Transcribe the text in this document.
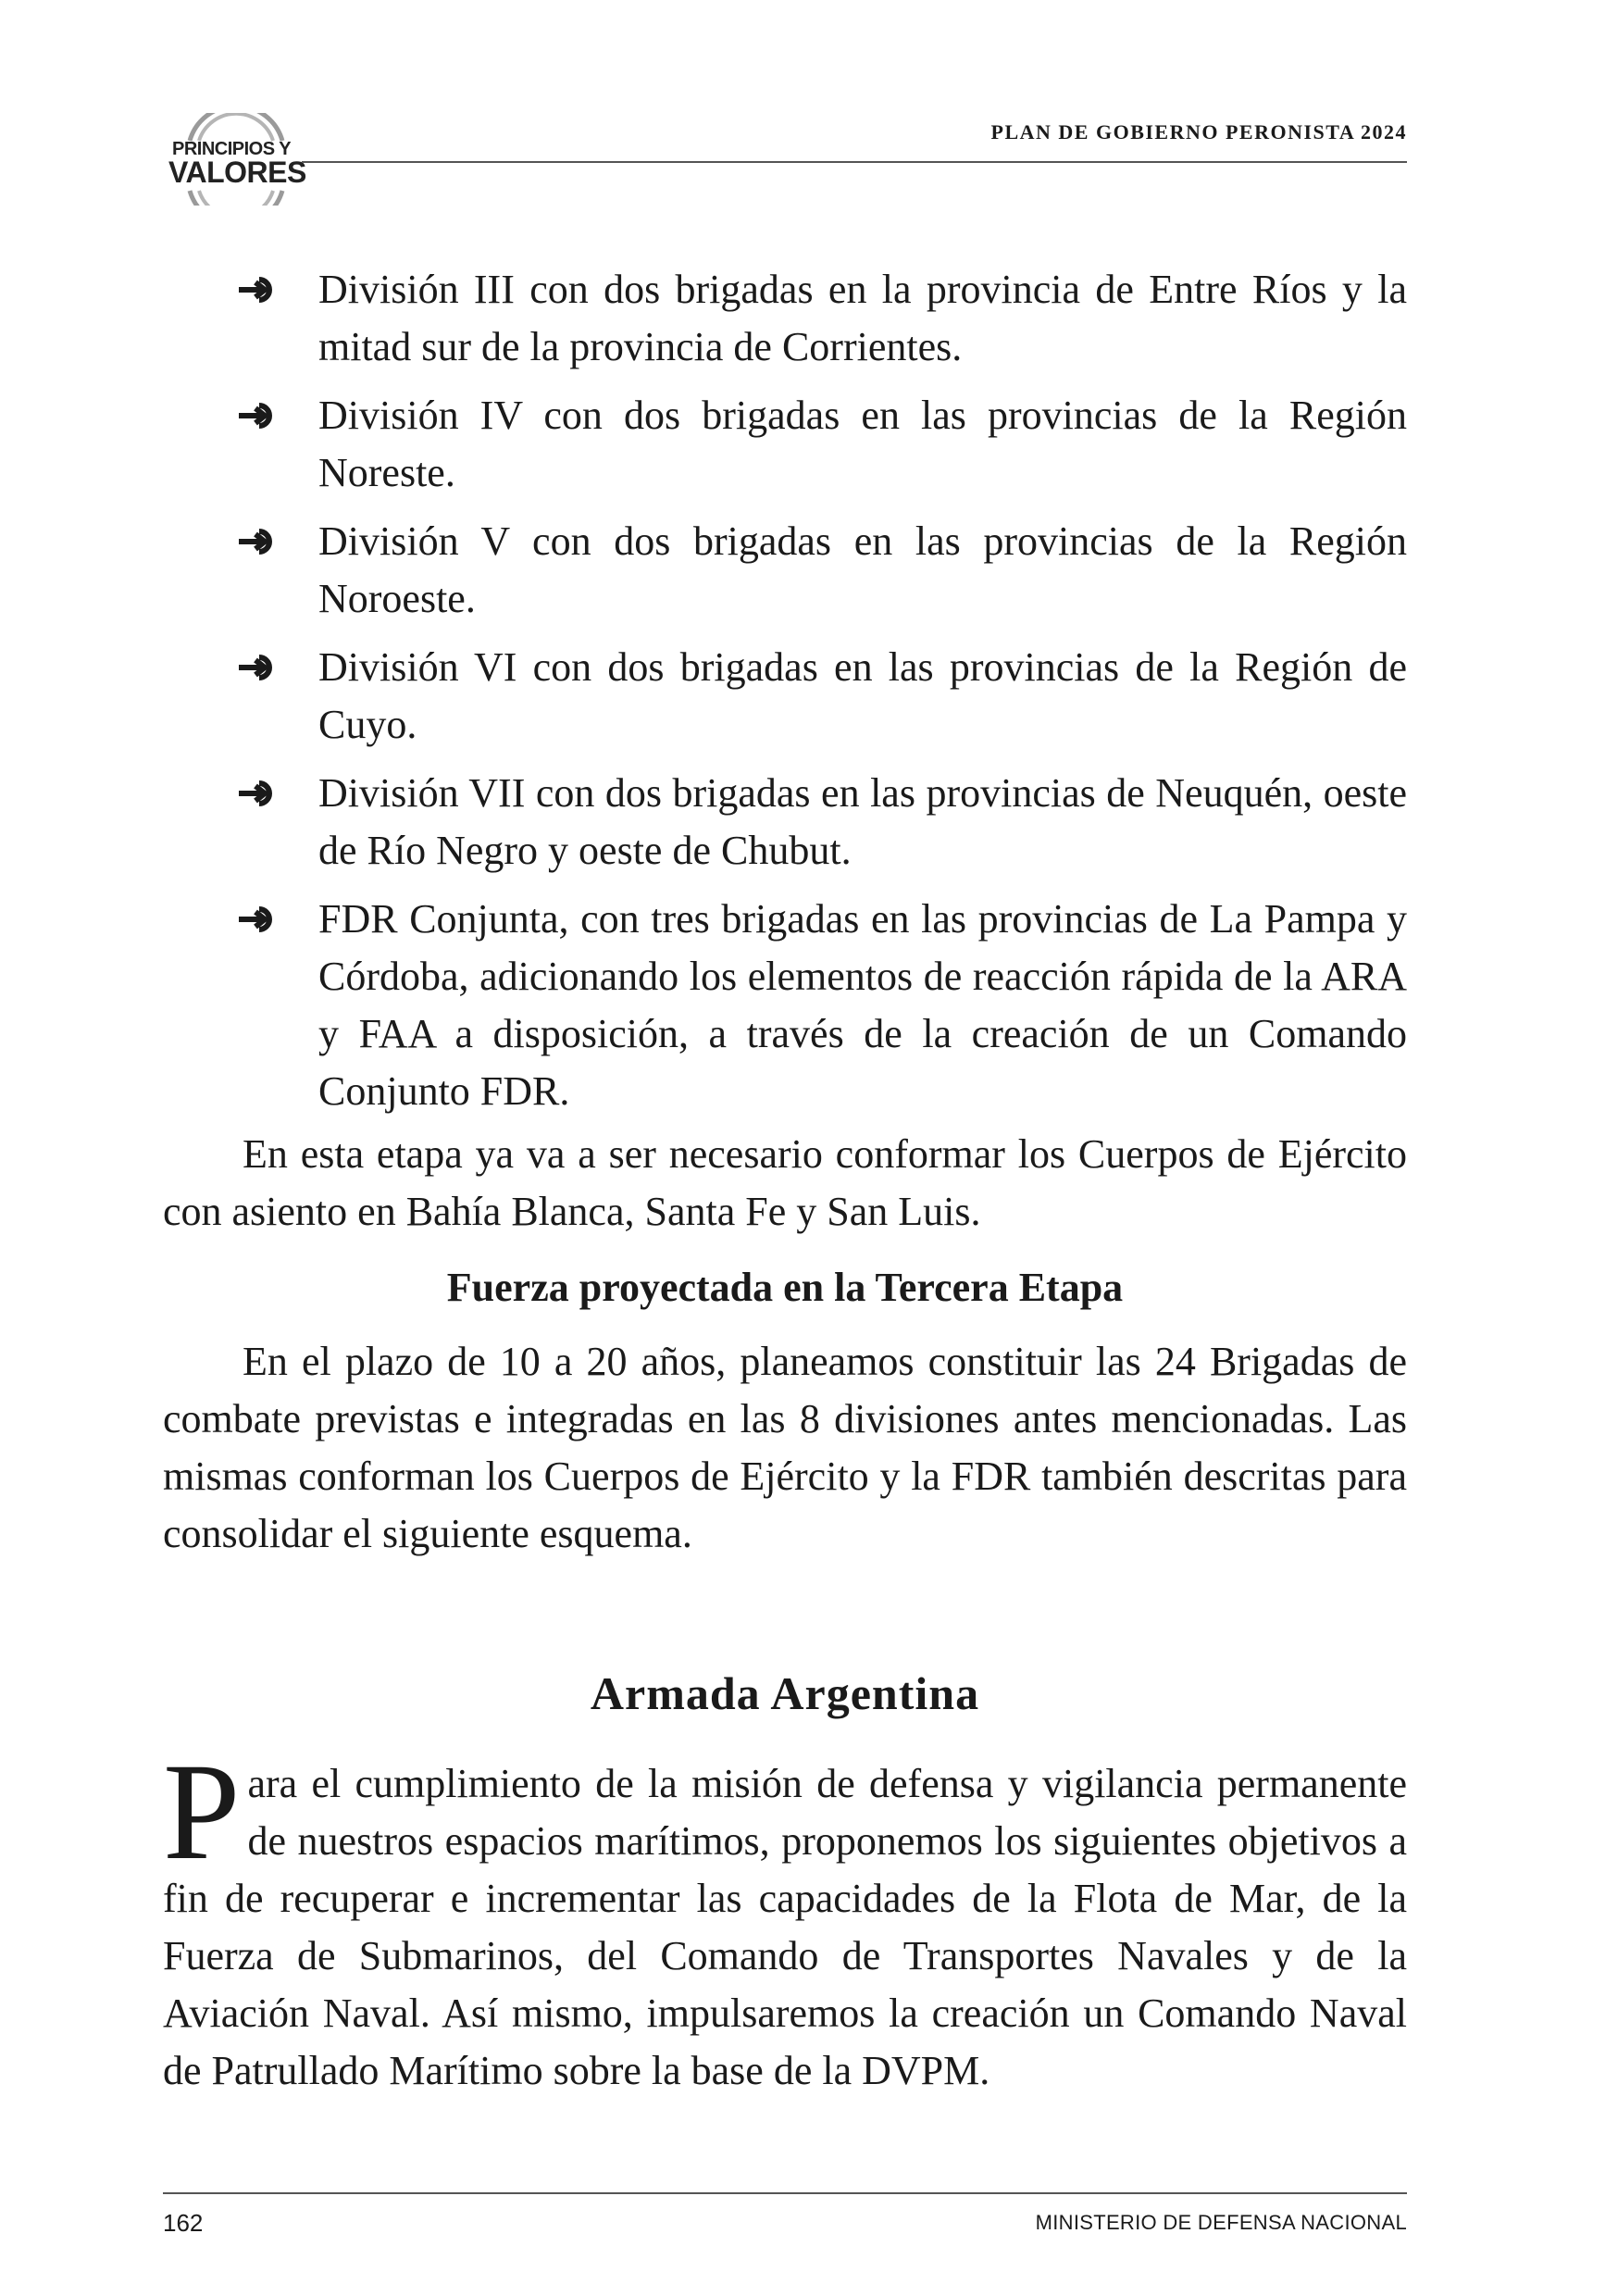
PRINCIPIOS Y
VALORES
PLAN DE GOBIERNO PERONISTA 2024
División III con dos brigadas en la provincia de Entre Ríos y la mitad sur de la provincia de Corrientes.
División IV con dos brigadas en las provincias de la Región Noreste.
División V con dos brigadas en las provincias de la Región Noroeste.
División VI con dos brigadas en las provincias de la Región de Cuyo.
División VII con dos brigadas en las provincias de Neuquén, oeste de Río Negro y oeste de Chubut.
FDR Conjunta, con tres brigadas en las provincias de La Pampa y Córdoba, adicionando los elementos de reacción rápida de la ARA y FAA a disposición, a través de la creación de un Comando Conjunto FDR.

En esta etapa ya va a ser necesario conformar los Cuerpos de Ejército con asiento en Bahía Blanca, Santa Fe y San Luis.

Fuerza proyectada en la Tercera Etapa

En el plazo de 10 a 20 años, planeamos constituir las 24 Brigadas de combate previstas e integradas en las 8 divisiones antes mencionadas. Las mismas conforman los Cuerpos de Ejército y la FDR también descritas para consolidar el siguiente esquema.

Armada Argentina

Para el cumplimiento de la misión de defensa y vigilancia permanente de nuestros espacios marítimos, proponemos los siguientes objetivos a fin de recuperar e incrementar las capacidades de la Flota de Mar, de la Fuerza de Submarinos, del Comando de Transportes Navales y de la Aviación Naval. Así mismo, impulsaremos la creación un Comando Naval de Patrullado Marítimo sobre la base de la DVPM.

162	MINISTERIO DE DEFENSA NACIONAL
